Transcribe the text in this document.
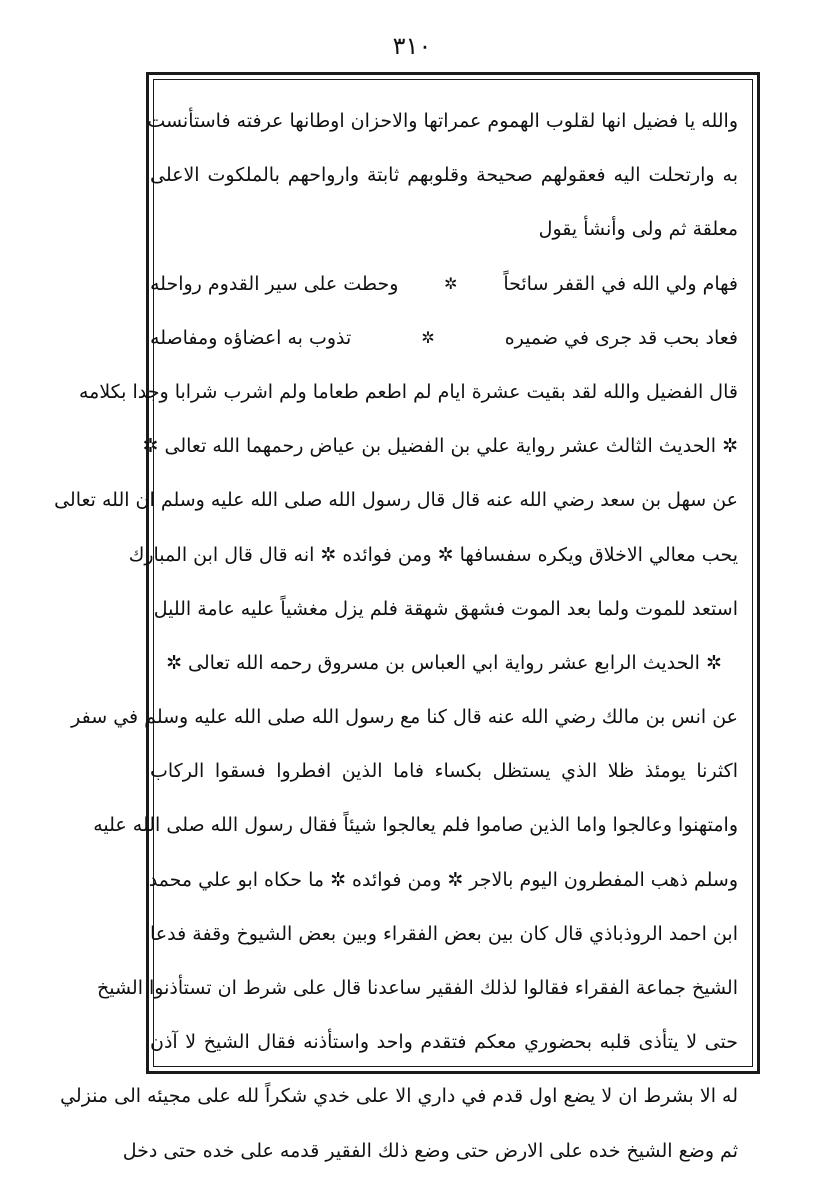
٣١٠
والله يا فضيل انها لقلوب الهموم عمراتها والاحزان اوطانها عرفته فاستأنست
به وارتحلت اليه فعقولهم صحيحة وقلوبهم ثابتة وارواحهم بالملكوت الاعلى
معلقة ثم ولى وأنشأ يقول
فهام ولي الله في القفر سائحاً
✲
وحطت على سير القدوم رواحله
فعاد بحب قد جرى في ضميره
✲
تذوب به اعضاؤه ومفاصله
قال الفضيل والله لقد بقيت عشرة ايام لم اطعم طعاما ولم اشرب شرابا وجدا بكلامه
✲ الحديث الثالث عشر رواية علي بن الفضيل بن عياض رحمهما الله تعالى ✲
عن سهل بن سعد رضي الله عنه قال قال رسول الله صلى الله عليه وسلم ان الله تعالى
يحب معالي الاخلاق ويكره سفسافها ✲ ومن فوائده ✲ انه قال قال ابن المبارك
استعد للموت ولما بعد الموت فشهق شهقة فلم يزل مغشياً عليه عامة الليل
✲ الحديث الرابع عشر رواية ابي العباس بن مسروق رحمه الله تعالى ✲
عن انس بن مالك رضي الله عنه قال كنا مع رسول الله صلى الله عليه وسلم في سفر
اكثرنا يومئذ ظلا الذي يستظل بكساء فاما الذين افطروا فسقوا الركاب
وامتهنوا وعالجوا واما الذين صاموا فلم يعالجوا شيئاً فقال رسول الله صلى الله عليه
وسلم ذهب المفطرون اليوم بالاجر ✲ ومن فوائده ✲ ما حكاه ابو علي محمد
ابن احمد الروذباذي قال كان بين بعض الفقراء وبين بعض الشيوخ وقفة فدعا
الشيخ جماعة الفقراء فقالوا لذلك الفقير ساعدنا قال على شرط ان تستأذنوا الشيخ
حتى لا يتأذى قلبه بحضوري معكم فتقدم واحد واستأذنه فقال الشيخ لا آذن
له الا بشرط ان لا يضع اول قدم في داري الا على خدي شكراً لله على مجيئه الى منزلي
ثم وضع الشيخ خده على الارض حتى وضع ذلك الفقير قدمه على خده حتى دخل
